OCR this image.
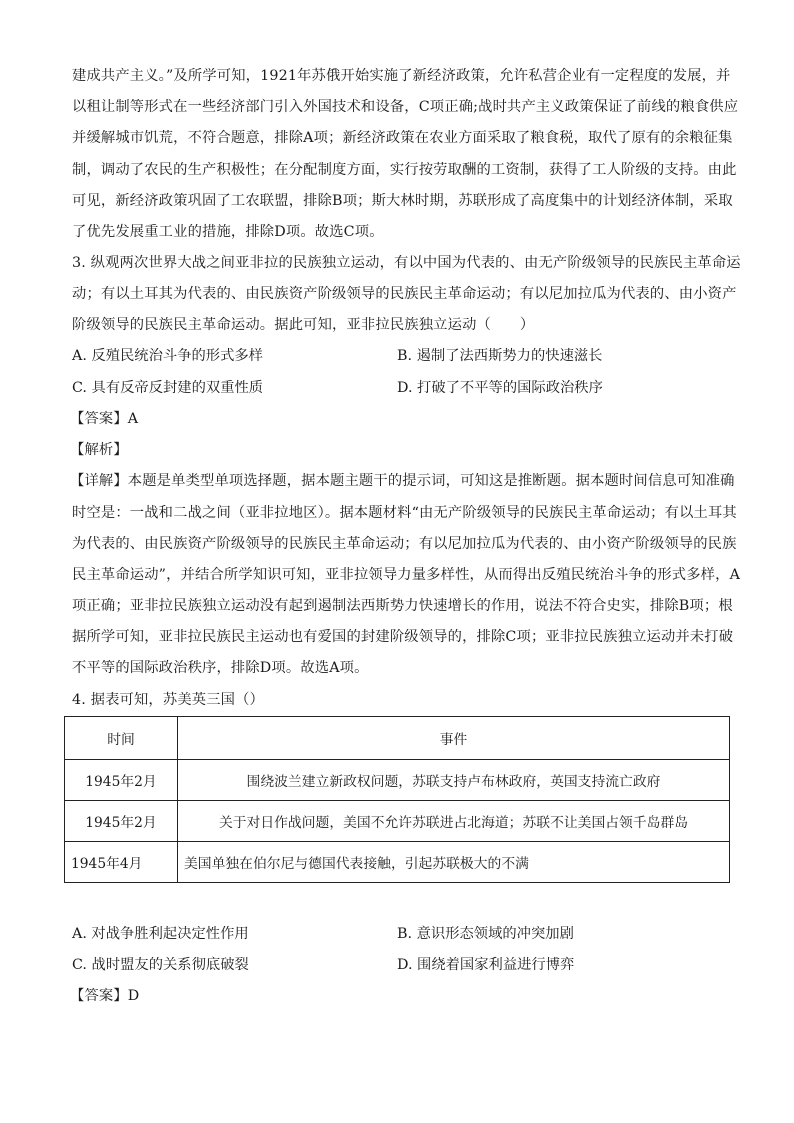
建成共产主义。”及所学可知，1921年苏俄开始实施了新经济政策，允许私营企业有一定程度的发展，并
以租让制等形式在一些经济部门引入外国技术和设备，C项正确;战时共产主义政策保证了前线的粮食供应
并缓解城市饥荒，不符合题意，排除A项；新经济政策在农业方面采取了粮食税，取代了原有的余粮征集
制，调动了农民的生产积极性；在分配制度方面，实行按劳取酬的工资制，获得了工人阶级的支持。由此
可见，新经济政策巩固了工农联盟，排除B项；斯大林时期，苏联形成了高度集中的计划经济体制，采取
了优先发展重工业的措施，排除D项。故选C项。
3. 纵观两次世界大战之间亚非拉的民族独立运动，有以中国为代表的、由无产阶级领导的民族民主革命运
动；有以土耳其为代表的、由民族资产阶级领导的民族民主革命运动；有以尼加拉瓜为代表的、由小资产
阶级领导的民族民主革命运动。据此可知，亚非拉民族独立运动（　　）
A. 反殖民统治斗争的形式多样	B. 遏制了法西斯势力的快速滋长
C. 具有反帝反封建的双重性质	D. 打破了不平等的国际政治秩序
【答案】A
【解析】
【详解】本题是单类型单项选择题，据本题主题干的提示词，可知这是推断题。据本题时间信息可知准确
时空是：一战和二战之间（亚非拉地区）。据本题材料“由无产阶级领导的民族民主革命运动；有以土耳其
为代表的、由民族资产阶级领导的民族民主革命运动；有以尼加拉瓜为代表的、由小资产阶级领导的民族
民主革命运动”，并结合所学知识可知，亚非拉领导力量多样性，从而得出反殖民统治斗争的形式多样，A
项正确；亚非拉民族独立运动没有起到遏制法西斯势力快速增长的作用，说法不符合史实，排除B项；根
据所学可知，亚非拉民族民主运动也有爱国的封建阶级领导的，排除C项；亚非拉民族独立运动并未打破
不平等的国际政治秩序，排除D项。故选A项。
4. 据表可知，苏美英三国（）
时间	事件
1945年2月	围绕波兰建立新政权问题，苏联支持卢布林政府，英国支持流亡政府
1945年2月	关于对日作战问题，美国不允许苏联进占北海道；苏联不让美国占领千岛群岛
1945年4月	美国单独在伯尔尼与德国代表接触，引起苏联极大的不满
A. 对战争胜利起决定性作用	B. 意识形态领域的冲突加剧
C. 战时盟友的关系彻底破裂	D. 围绕着国家利益进行博弈
【答案】D
